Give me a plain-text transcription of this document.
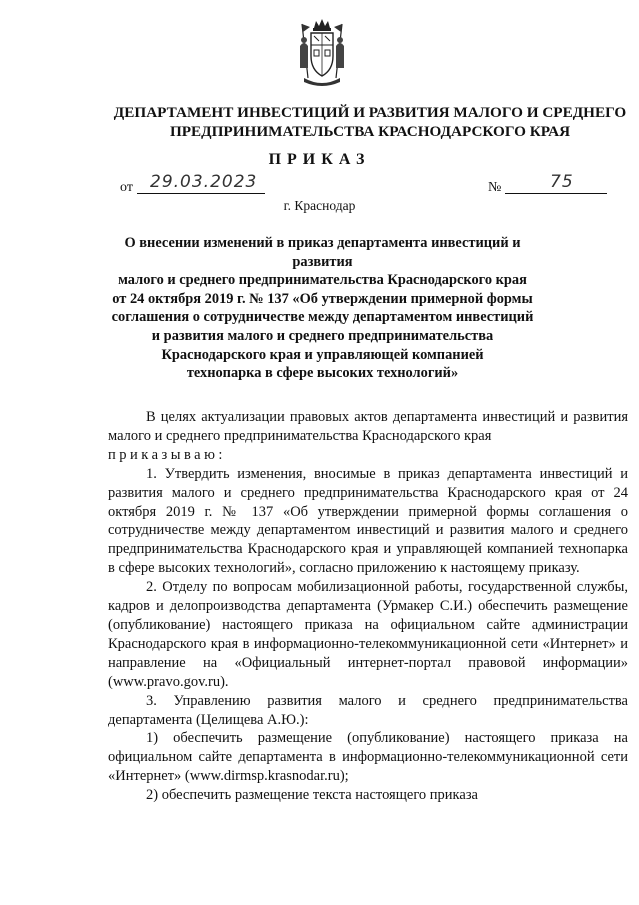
ДЕПАРТАМЕНТ ИНВЕСТИЦИЙ И РАЗВИТИЯ МАЛОГО И СРЕДНЕГО
ПРЕДПРИНИМАТЕЛЬСТВА КРАСНОДАРСКОГО КРАЯ
ПРИКАЗ
от 29.03.2023	№	75
г. Краснодар
О внесении изменений в приказ департамента инвестиций и развития
малого и среднего предпринимательства Краснодарского края
от 24 октября 2019 г. № 137 «Об утверждении примерной формы
соглашения о сотрудничестве между департаментом инвестиций
и развития малого и среднего предпринимательства
Краснодарского края и управляющей компанией
технопарка в сфере высоких технологий»

В целях актуализации правовых актов департамента инвестиций и развития малого и среднего предпринимательства Краснодарского края

приказываю:

1. Утвердить изменения, вносимые в приказ департамента инвестиций и развития малого и среднего предпринимательства Краснодарского края от 24 октября 2019 г. № 137 «Об утверждении примерной формы соглашения о сотрудничестве между департаментом инвестиций и развития малого и среднего предпринимательства Краснодарского края и управляющей компанией технопарка в сфере высоких технологий», согласно приложению к настоящему приказу.

2. Отделу по вопросам мобилизационной работы, государственной службы, кадров и делопроизводства департамента (Урмакер С.И.) обеспечить размещение (опубликование) настоящего приказа на официальном сайте администрации Краснодарского края в информационно-телекоммуникационной сети «Интернет» и направление на «Официальный интернет-портал правовой информации» (www.pravo.gov.ru).

3. Управлению развития малого и среднего предпринимательства департамента (Целищева А.Ю.):

1) обеспечить размещение (опубликование) настоящего приказа на официальном сайте департамента в информационно-телекоммуникационной сети «Интернет» (www.dirmsp.krasnodar.ru);

2) обеспечить размещение текста настоящего приказа
